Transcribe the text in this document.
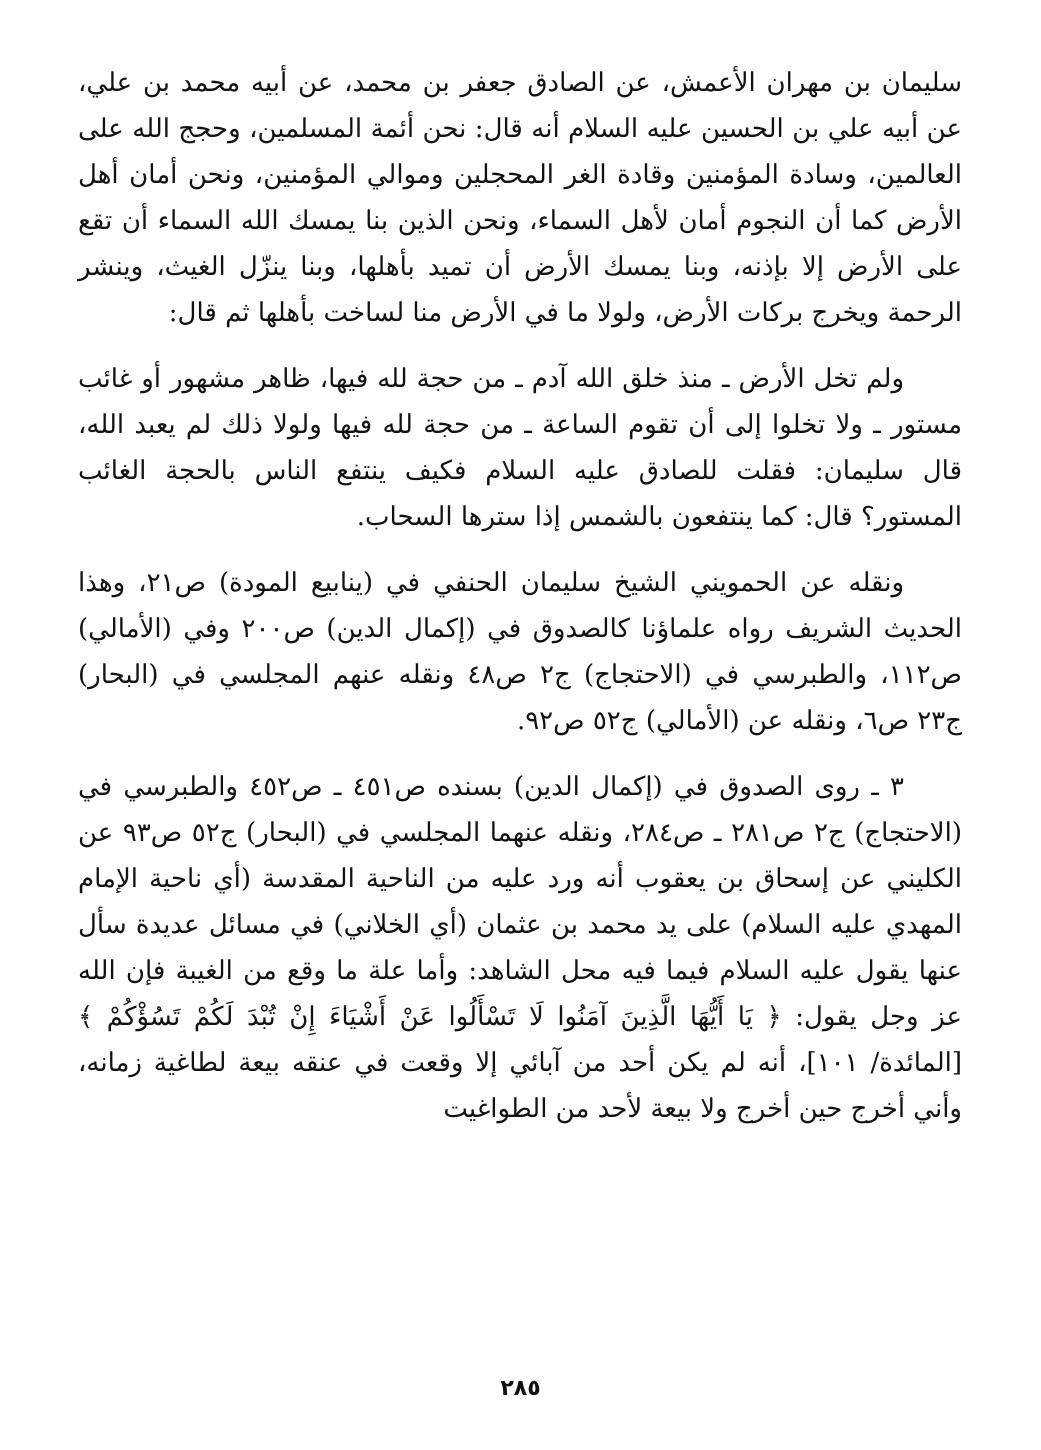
سليمان بن مهران الأعمش، عن الصادق جعفر بن محمد، عن أبيه محمد بن علي، عن أبيه علي بن الحسين عليه السلام أنه قال: نحن أئمة المسلمين، وحجج الله على العالمين، وسادة المؤمنين وقادة الغر المحجلين وموالي المؤمنين، ونحن أمان أهل الأرض كما أن النجوم أمان لأهل السماء، ونحن الذين بنا يمسك الله السماء أن تقع على الأرض إلا بإذنه، وبنا يمسك الأرض أن تميد بأهلها، وبنا ينزّل الغيث، وينشر الرحمة ويخرج بركات الأرض، ولولا ما في الأرض منا لساخت بأهلها ثم قال:

ولم تخل الأرض ـ منذ خلق الله آدم ـ من حجة لله فيها، ظاهر مشهور أو غائب مستور ـ ولا تخلوا إلى أن تقوم الساعة ـ من حجة لله فيها ولولا ذلك لم يعبد الله، قال سليمان: فقلت للصادق عليه السلام فكيف ينتفع الناس بالحجة الغائب المستور؟ قال: كما ينتفعون بالشمس إذا سترها السحاب.

ونقله عن الحمويني الشيخ سليمان الحنفي في (ينابيع المودة) ص٢١، وهذا الحديث الشريف رواه علماؤنا كالصدوق في (إكمال الدين) ص٢٠٠ وفي (الأمالي) ص١١٢، والطبرسي في (الاحتجاج) ج٢ ص٤٨ ونقله عنهم المجلسي في (البحار) ج٢٣ ص٦، ونقله عن (الأمالي) ج٥٢ ص٩٢.

٣ ـ روى الصدوق في (إكمال الدين) بسنده ص٤٥١ ـ ص٤٥٢ والطبرسي في (الاحتجاج) ج٢ ص٢٨١ ـ ص٢٨٤، ونقله عنهما المجلسي في (البحار) ج٥٢ ص٩٣ عن الكليني عن إسحاق بن يعقوب أنه ورد عليه من الناحية المقدسة (أي ناحية الإمام المهدي عليه السلام) على يد محمد بن عثمان (أي الخلاني) في مسائل عديدة سأل عنها يقول عليه السلام فيما فيه محل الشاهد: وأما علة ما وقع من الغيبة فإن الله عز وجل يقول: ﴿ يَا أَيُّهَا الَّذِينَ آمَنُوا لَا تَسْأَلُوا عَنْ أَشْيَاءَ إِنْ تُبْدَ لَكُمْ تَسُؤْكُمْ ﴾ [المائدة/ ١٠١]، أنه لم يكن أحد من آبائي إلا وقعت في عنقه بيعة لطاغية زمانه، وأني أخرج حين أخرج ولا بيعة لأحد من الطواغيت

٢٨٥
